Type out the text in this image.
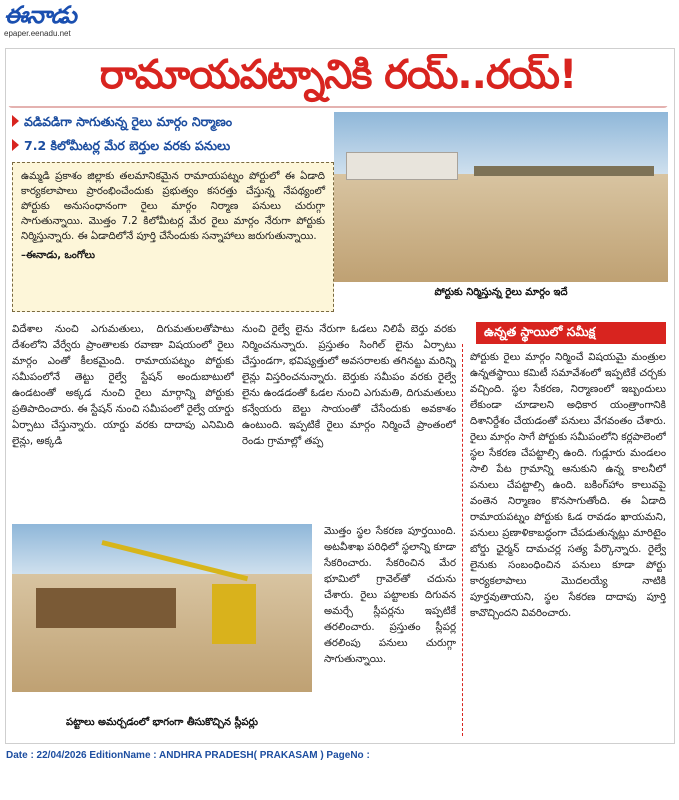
ఈనాడు
epaper.eenadu.net
రామాయపట్నానికి రయ్..రయ్!
వడివడిగా సాగుతున్న రైలు మార్గం నిర్మాణం
7.2 కిలోమీటర్ల మేర బెర్తుల వరకు పనులు
పోర్టుకు నిర్మిస్తున్న రైలు మార్గం ఇదే
ఉమ్మడి ప్రకాశం జిల్లాకు తలమానికమైన రామాయపట్నం పోర్టులో ఈ ఏడాది కార్యకలాపాలు ప్రారంభించేందుకు ప్రభుత్వం కసరత్తు చేస్తున్న నేపథ్యంలో పోర్టుకు అనుసంధానంగా రైలు మార్గం నిర్మాణ పనులు చురుగ్గా సాగుతున్నాయి. మొత్తం 7.2 కిలోమీటర్ల మేర రైలు మార్గం నేరుగా పోర్టుకు నిర్మిస్తున్నారు. ఈ ఏడాదిలోనే పూర్తి చేసేందుకు సన్నాహాలు జరుగుతున్నాయి.
–ఈనాడు, ఒంగోలు
విదేశాల నుంచి ఎగుమతులు, దిగుమతులతోపాటు దేశంలోని వేర్వేరు ప్రాంతాలకు రవాణా విషయంలో రైలు మార్గం ఎంతో కీలకమైంది. రామాయపట్నం పోర్టుకు సమీపంలోనే తెట్టు రైల్వే స్టేషన్ అందుబాటులో ఉండటంతో అక్కడ నుంచి రైలు మార్గాన్ని పోర్టుకు ప్రతిపాదించారు. ఈ స్టేషన్ నుంచి సమీపంలో రైల్వే యార్డు ఏర్పాటు చేస్తున్నారు. యార్డు వరకు దాదాపు ఎనిమిది లైన్లు, అక్కడి
పట్టాలు అమర్చడంలో భాగంగా తీసుకొచ్చిన స్లీపర్లు
నుంచి రైల్వే లైను నేరుగా ఓడలు నిలిపే బెర్తు వరకు నిర్మించనున్నారు. ప్రస్తుతం సింగిల్ లైను ఏర్పాటు చేస్తుండగా, భవిష్యత్తులో అవసరాలకు తగినట్టు మరిన్ని లైన్లు విస్తరించనున్నారు. బెర్తుకు సమీపం వరకు రైల్వే లైను ఉండడంతో ఓడల నుంచి ఎగుమతి, దిగుమతులు కన్వేయరు బెల్టు సాయంతో చేసేందుకు అవకాశం ఉంటుంది. ఇప్పటికే రైలు మార్గం నిర్మించే ప్రాంతంలో రెండు గ్రామాల్లో తప్ప
మొత్తం స్థల సేకరణ పూర్తయింది. అటవీశాఖ పరిధిలో స్థలాన్ని కూడా సేకరించారు. సేకరించిన మేర భూమిలో గ్రావెల్‌తో చదును చేశారు. రైలు పట్టాలకు దిగువన అమర్చే స్లీపర్లను ఇప్పటికే తరలించారు. ప్రస్తుతం స్లీపర్ల తరలింపు పనులు చురుగ్గా సాగుతున్నాయి.
ఉన్నత స్థాయిలో సమీక్ష
పోర్టుకు రైలు మార్గం నిర్మించే విషయమై మంత్రుల ఉన్నతస్థాయి కమిటీ సమావేశంలో ఇప్పటికే చర్చకు వచ్చింది. స్థల సేకరణ, నిర్మాణంలో ఇబ్బందులు లేకుండా చూడాలని అధికార యంత్రాంగానికి దిశానిర్దేశం చేయడంతో పనులు వేగవంతం చేశారు. రైలు మార్గం సాగే పోర్టుకు సమీపంలోని కర్లపాలెంలో స్థల సేకరణ చేపట్టాల్సి ఉంది. గుడ్లూరు మండలం సాలి పేట గ్రామాన్ని ఆనుకుని ఉన్న కాలనీలో పనులు చేపట్టాల్సి ఉంది. బకింగ్‌హాం కాలువపై వంతెన నిర్మాణం కొనసాగుతోంది. ఈ ఏడాది రామాయపట్నం పోర్టుకు ఓడ రావడం ఖాయమని, పనులు ప్రణాళికాబద్ధంగా చేపడుతున్నట్లు మారిటైం బోర్డు ఛైర్మన్ దామచర్ల సత్య పేర్కొన్నారు. రైల్వే లైనుకు సంబంధించిన పనులు కూడా పోర్టు కార్యకలాపాలు మొదలయ్యే నాటికి పూర్తవుతాయని, స్థల సేకరణ దాదాపు పూర్తి కావొచ్చిందని వివరించారు.
Date : 22/04/2026 EditionName : ANDHRA PRADESH( PRAKASAM ) PageNo :
